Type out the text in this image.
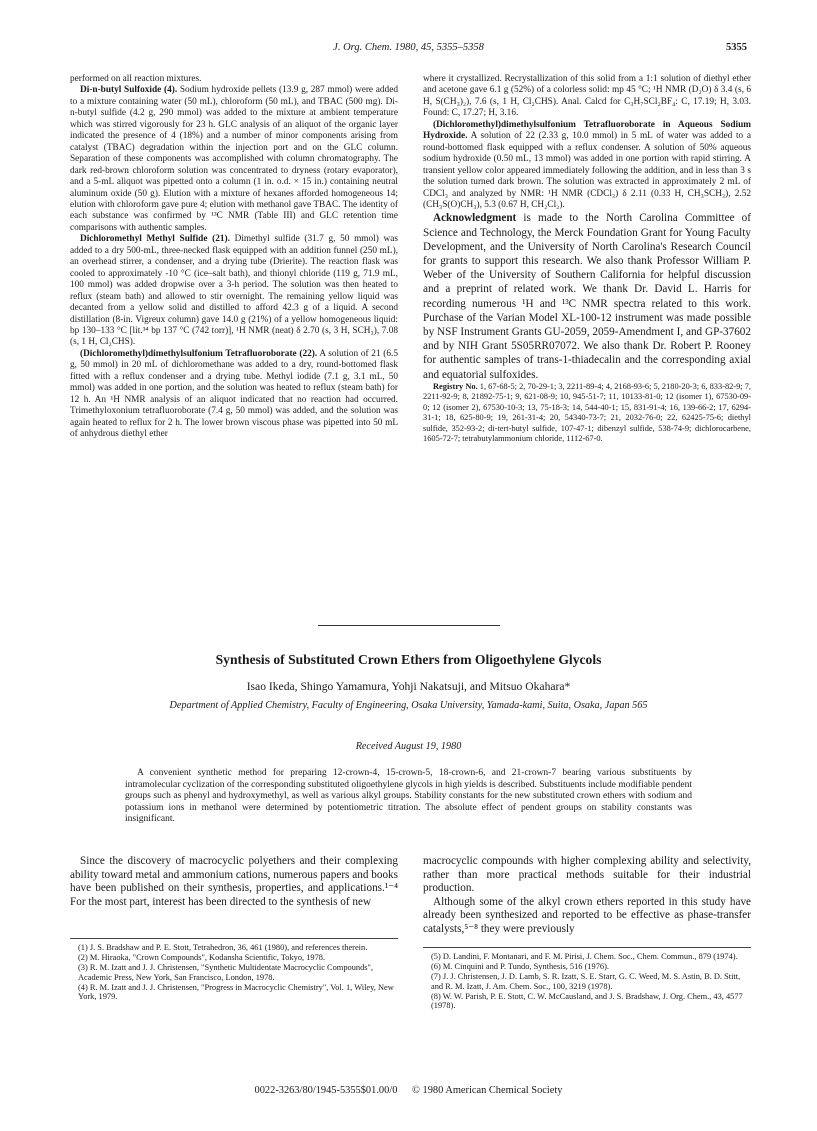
J. Org. Chem. 1980, 45, 5355–5358	5355

performed on all reaction mixtures.

Di-n-butyl Sulfoxide (4). Sodium hydroxide pellets (13.9 g, 287 mmol) were added to a mixture containing water (50 mL), chloroform (50 mL), and TBAC (500 mg). Di-n-butyl sulfide (4.2 g, 290 mmol) was added to the mixture at ambient temperature which was stirred vigorously for 23 h. GLC analysis of an aliquot of the organic layer indicated the presence of 4 (18%) and a number of minor components arising from catalyst (TBAC) degradation within the injection port and on the GLC column. Separation of these components was accomplished with column chromatography. The dark red-brown chloroform solution was concentrated to dryness (rotary evaporator), and a 5-mL aliquot was pipetted onto a column (1 in. o.d. × 15 in.) containing neutral aluminum oxide (50 g). Elution with a mixture of hexanes afforded homogeneous 14; elution with chloroform gave pure 4; elution with methanol gave TBAC. The identity of each substance was confirmed by ¹³C NMR (Table III) and GLC retention time comparisons with authentic samples.

Dichloromethyl Methyl Sulfide (21). Dimethyl sulfide (31.7 g, 50 mmol) was added to a dry 500-mL, three-necked flask equipped with an addition funnel (250 mL), an overhead stirrer, a condenser, and a drying tube (Drierite). The reaction flask was cooled to approximately -10 °C (ice–salt bath), and thionyl chloride (119 g, 71.9 mL, 100 mmol) was added dropwise over a 3-h period. The solution was then heated to reflux (steam bath) and allowed to stir overnight. The remaining yellow liquid was decanted from a yellow solid and distilled to afford 42.3 g of a liquid. A second distillation (8-in. Vigreux column) gave 14.0 g (21%) of a yellow homogeneous liquid: bp 130–133 °C [lit.³⁴ bp 137 °C (742 torr)], ¹H NMR (neat) δ 2.70 (s, 3 H, SCH₃), 7.08 (s, 1 H, Cl₂CHS).

(Dichloromethyl)dimethylsulfonium Tetrafluoroborate (22). A solution of 21 (6.5 g, 50 mmol) in 20 mL of dichloromethane was added to a dry, round-bottomed flask fitted with a reflux condenser and a drying tube. Methyl iodide (7.1 g, 3.1 mL, 50 mmol) was added in one portion, and the solution was heated to reflux (steam bath) for 12 h. An ¹H NMR analysis of an aliquot indicated that no reaction had occurred. Trimethyloxonium tetrafluoroborate (7.4 g, 50 mmol) was added, and the solution was again heated to reflux for 2 h. The lower brown viscous phase was pipetted into 50 mL of anhydrous diethyl ether

where it crystallized. Recrystallization of this solid from a 1:1 solution of diethyl ether and acetone gave 6.1 g (52%) of a colorless solid: mp 45 °C; ¹H NMR (D₂O) δ 3.4 (s, 6 H, S(CH₃)₂), 7.6 (s, 1 H, Cl₂CHS). Anal. Calcd for C₃H₇SCl₂BF₄: C, 17.19; H, 3.03. Found: C, 17.27; H, 3.16.

(Dichloromethyl)dimethylsulfonium Tetrafluoroborate in Aqueous Sodium Hydroxide. A solution of 22 (2.33 g, 10.0 mmol) in 5 mL of water was added to a round-bottomed flask equipped with a reflux condenser. A solution of 50% aqueous sodium hydroxide (0.50 mL, 13 mmol) was added in one portion with rapid stirring. A transient yellow color appeared immediately following the addition, and in less than 3 s the solution turned dark brown. The solution was extracted in approximately 2 mL of CDCl₃ and analyzed by NMR: ¹H NMR (CDCl₃) δ 2.11 (0.33 H, CH₃SCH₃), 2.52 (CH₃S(O)CH₃), 5.3 (0.67 H, CH₂Cl₂).

Acknowledgment is made to the North Carolina Committee of Science and Technology, the Merck Foundation Grant for Young Faculty Development, and the University of North Carolina's Research Council for grants to support this research. We also thank Professor William P. Weber of the University of Southern California for helpful discussion and a preprint of related work. We thank Dr. David L. Harris for recording numerous ¹H and ¹³C NMR spectra related to this work. Purchase of the Varian Model XL-100-12 instrument was made possible by NSF Instrument Grants GU-2059, 2059-Amendment I, and GP-37602 and by NIH Grant 5S05RR07072. We also thank Dr. Robert P. Rooney for authentic samples of trans-1-thiadecalin and the corresponding axial and equatorial sulfoxides.

Registry No. 1, 67-68-5; 2, 70-29-1; 3, 2211-89-4; 4, 2168-93-6; 5, 2180-20-3; 6, 833-82-9; 7, 2211-92-9; 8, 21892-75-1; 9, 621-08-9; 10, 945-51-7; 11, 10133-81-0; 12 (isomer 1), 67530-09-0; 12 (isomer 2), 67530-10-3; 13, 75-18-3; 14, 544-40-1; 15, 831-91-4; 16, 139-66-2; 17, 6294-31-1; 18, 625-80-9; 19, 261-31-4; 20, 54340-73-7; 21, 2032-76-0; 22, 62425-75-6; diethyl sulfide, 352-93-2; di-tert-butyl sulfide, 107-47-1; dibenzyl sulfide, 538-74-9; dichlorocarbene, 1605-72-7; tetrabutylammonium chloride, 1112-67-0.

Synthesis of Substituted Crown Ethers from Oligoethylene Glycols
Isao Ikeda, Shingo Yamamura, Yohji Nakatsuji, and Mitsuo Okahara*
Department of Applied Chemistry, Faculty of Engineering, Osaka University, Yamada-kami, Suita, Osaka, Japan 565
Received August 19, 1980
A convenient synthetic method for preparing 12-crown-4, 15-crown-5, 18-crown-6, and 21-crown-7 bearing various substituents by intramolecular cyclization of the corresponding substituted oligoethylene glycols in high yields is described. Substituents include modifiable pendent groups such as phenyl and hydroxymethyl, as well as various alkyl groups. Stability constants for the new substituted crown ethers with sodium and potassium ions in methanol were determined by potentiometric titration. The absolute effect of pendent groups on stability constants was insignificant.
Since the discovery of macrocyclic polyethers and their complexing ability toward metal and ammonium cations, numerous papers and books have been published on their synthesis, properties, and applications.¹⁻⁴ For the most part, interest has been directed to the synthesis of new
macrocyclic compounds with higher complexing ability and selectivity, rather than more practical methods suitable for their industrial production.
Although some of the alkyl crown ethers reported in this study have already been synthesized and reported to be effective as phase-transfer catalysts,⁵⁻⁸ they were previously

(1) J. S. Bradshaw and P. E. Stott, Tetrahedron, 36, 461 (1980), and references therein.

(2) M. Hiraoka, "Crown Compounds", Kodansha Scientific, Tokyo, 1978.

(3) R. M. Izatt and J. J. Christensen, "Synthetic Multidentate Macrocyclic Compounds", Academic Press, New York, San Francisco, London, 1978.

(4) R. M. Izatt and J. J. Christensen, "Progress in Macrocyclic Chemistry", Vol. 1, Wiley, New York, 1979.

(5) D. Landini, F. Montanari, and F. M. Pirisi, J. Chem. Soc., Chem. Commun., 879 (1974).

(6) M. Cinquini and P. Tundo, Synthesis, 516 (1976).

(7) J. J. Christensen, J. D. Lamb, S. R. Izatt, S. E. Starr, G. C. Weed, M. S. Astin, B. D. Stitt, and R. M. Izatt, J. Am. Chem. Soc., 100, 3219 (1978).

(8) W. W. Parish, P. E. Stott, C. W. McCausland, and J. S. Bradshaw, J. Org. Chem., 43, 4577 (1978).

0022-3263/80/1945-5355$01.00/0 © 1980 American Chemical Society
